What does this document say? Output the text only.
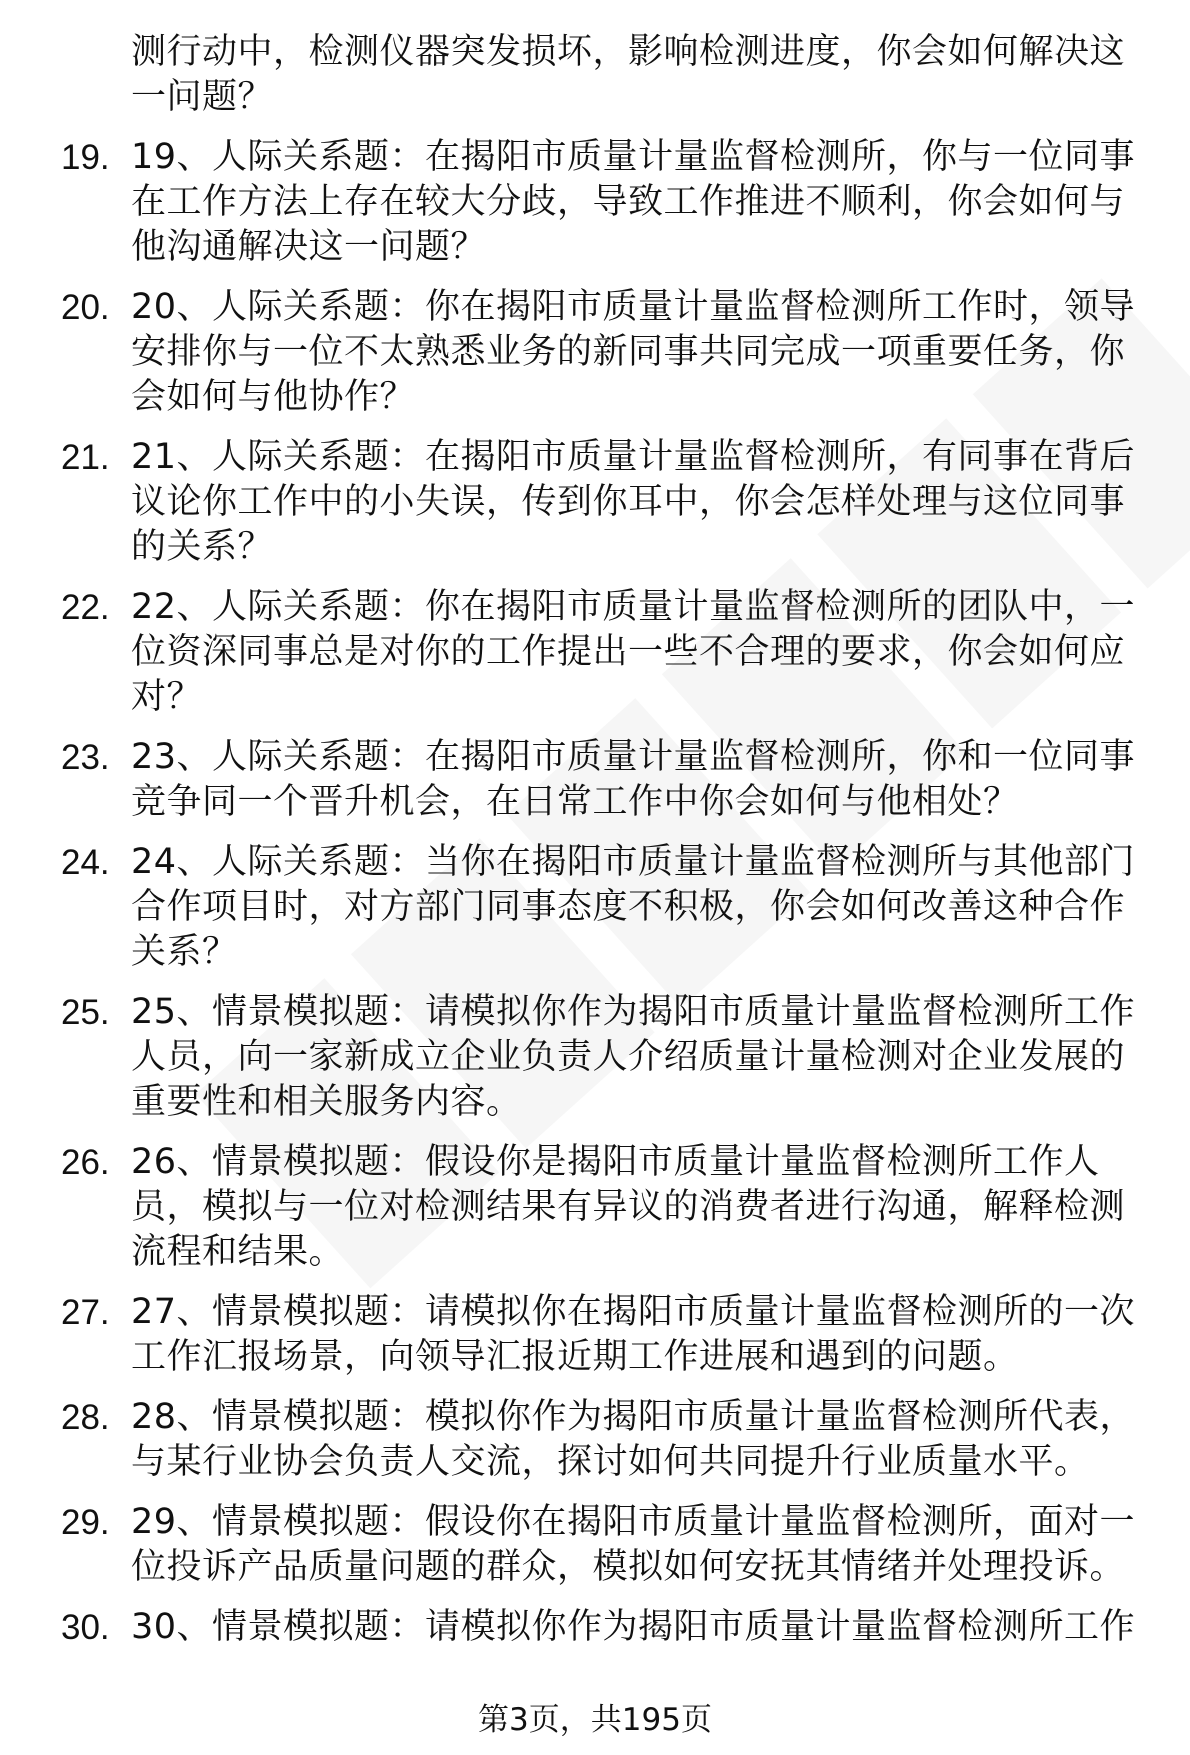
测行动中，检测仪器突发损坏，影响检测进度，你会如何解决这一问题？
19. 19、人际关系题：在揭阳市质量计量监督检测所，你与一位同事在工作方法上存在较大分歧，导致工作推进不顺利，你会如何与他沟通解决这一问题？
20. 20、人际关系题：你在揭阳市质量计量监督检测所工作时，领导安排你与一位不太熟悉业务的新同事共同完成一项重要任务，你会如何与他协作？
21. 21、人际关系题：在揭阳市质量计量监督检测所，有同事在背后议论你工作中的小失误，传到你耳中，你会怎样处理与这位同事的关系？
22. 22、人际关系题：你在揭阳市质量计量监督检测所的团队中，一位资深同事总是对你的工作提出一些不合理的要求，你会如何应对？
23. 23、人际关系题：在揭阳市质量计量监督检测所，你和一位同事竞争同一个晋升机会，在日常工作中你会如何与他相处？
24. 24、人际关系题：当你在揭阳市质量计量监督检测所与其他部门合作项目时，对方部门同事态度不积极，你会如何改善这种合作关系？
25. 25、情景模拟题：请模拟你作为揭阳市质量计量监督检测所工作人员，向一家新成立企业负责人介绍质量计量检测对企业发展的重要性和相关服务内容。
26. 26、情景模拟题：假设你是揭阳市质量计量监督检测所工作人员，模拟与一位对检测结果有异议的消费者进行沟通，解释检测流程和结果。
27. 27、情景模拟题：请模拟你在揭阳市质量计量监督检测所的一次工作汇报场景，向领导汇报近期工作进展和遇到的问题。
28. 28、情景模拟题：模拟你作为揭阳市质量计量监督检测所代表，与某行业协会负责人交流，探讨如何共同提升行业质量水平。
29. 29、情景模拟题：假设你在揭阳市质量计量监督检测所，面对一位投诉产品质量问题的群众，模拟如何安抚其情绪并处理投诉。
30. 30、情景模拟题：请模拟你作为揭阳市质量计量监督检测所工作
第3页，共195页
